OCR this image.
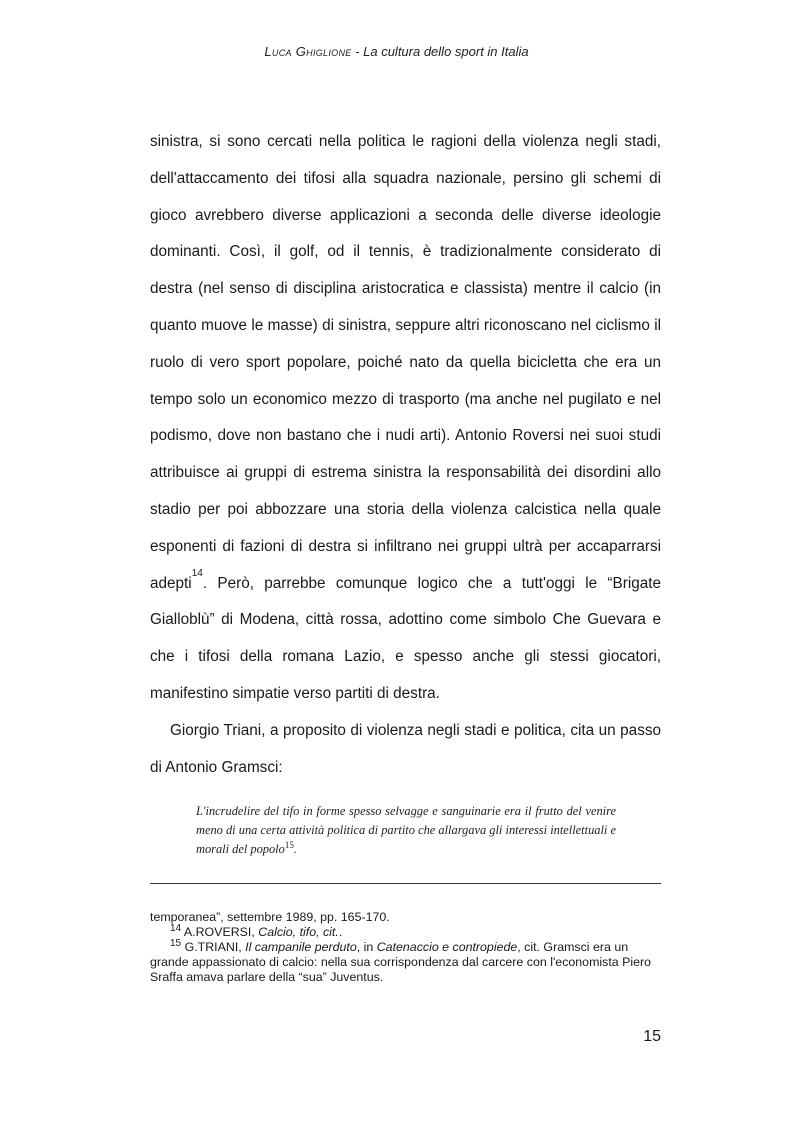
Luca Ghiglione - La cultura dello sport in Italia

sinistra, si sono cercati nella politica le ragioni della violenza negli stadi, dell'attaccamento dei tifosi alla squadra nazionale, persino gli schemi di gioco avrebbero diverse applicazioni a seconda delle diverse ideologie dominanti. Così, il golf, od il tennis, è tradizionalmente considerato di destra (nel senso di disciplina aristocratica e classista) mentre il calcio (in quanto muove le masse) di sinistra, seppure altri riconoscano nel ciclismo il ruolo di vero sport popolare, poiché nato da quella bicicletta che era un tempo solo un economico mezzo di trasporto (ma anche nel pugilato e nel podismo, dove non bastano che i nudi arti). Antonio Roversi nei suoi studi attribuisce ai gruppi di estrema sinistra la responsabilità dei disordini allo stadio per poi abbozzare una storia della violenza calcistica nella quale esponenti di fazioni di destra si infiltrano nei gruppi ultrà per accaparrarsi adepti$^{14}$. Però, parrebbe comunque logico che a tutt'oggi le “Brigate Gialloblù” di Modena, città rossa, adottino come simbolo Che Guevara e che i tifosi della romana Lazio, e spesso anche gli stessi giocatori, manifestino simpatie verso partiti di destra.

Giorgio Triani, a proposito di violenza negli stadi e politica, cita un passo di Antonio Gramsci:

L'incrudelire del tifo in forme spesso selvagge e sanguinarie era il frutto del venire meno di una certa attività politica di partito che allargava gli interessi intellettuali e morali del popolo$^{15}$.

temporanea”, settembre 1989, pp. 165-170.

$^{14}$ A.ROVERSI, Calcio, tifo, cit..

$^{15}$ G.TRIANI, Il campanile perduto, in Catenaccio e contropiede, cit. Gramsci era un grande appassionato di calcio: nella sua corrispondenza dal carcere con l'economista Piero Sraffa amava parlare della “sua” Juventus.

15
